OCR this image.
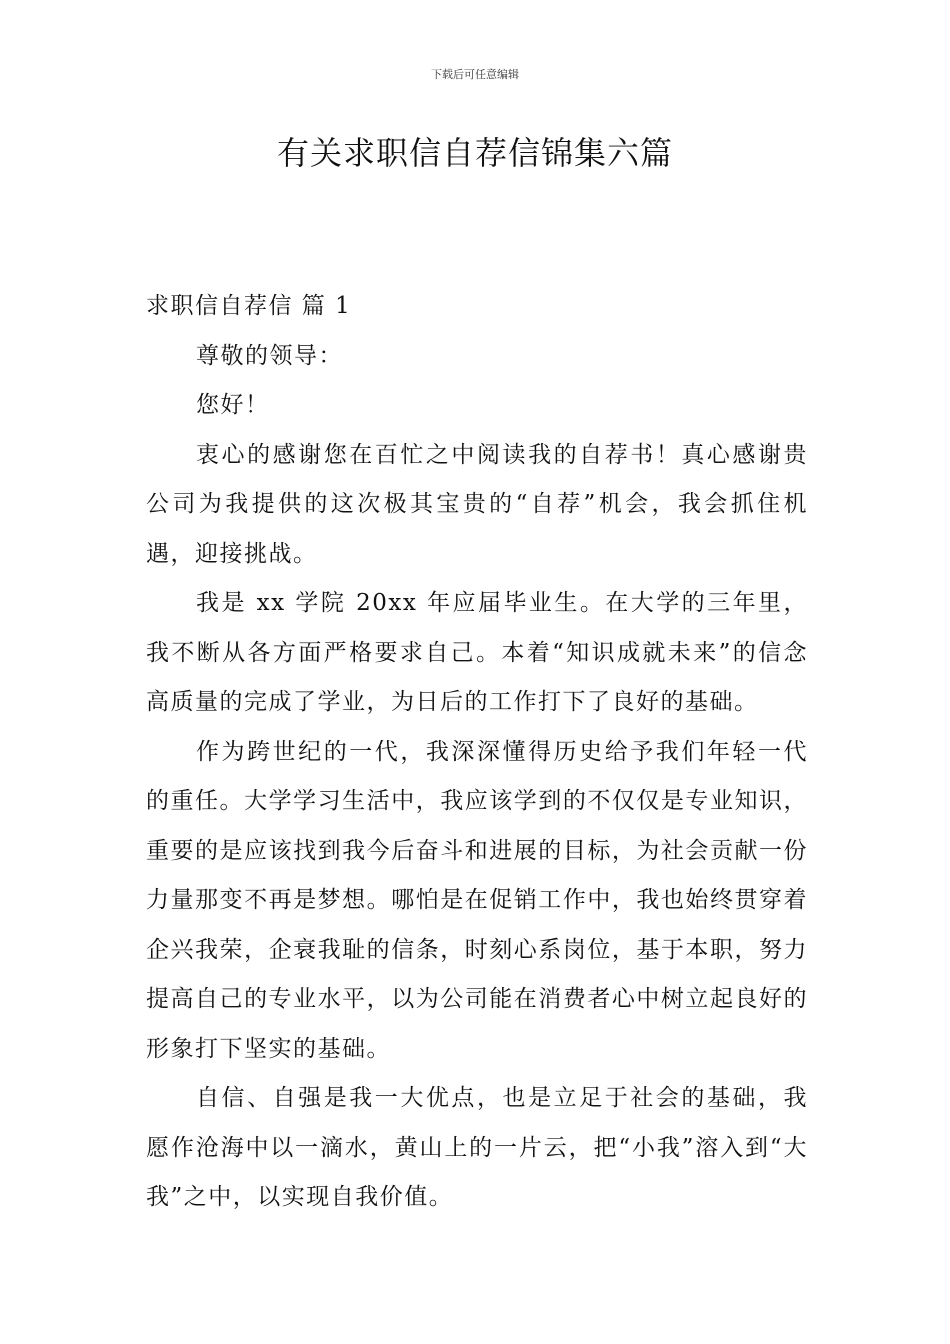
下载后可任意编辑
有关求职信自荐信锦集六篇

求职信自荐信 篇 1

尊敬的领导：

您好！

衷心的感谢您在百忙之中阅读我的自荐书！真心感谢贵公司为我提供的这次极其宝贵的“自荐”机会，我会抓住机遇，迎接挑战。

我是 xx 学院 20xx 年应届毕业生。在大学的三年里，我不断从各方面严格要求自己。本着“知识成就未来”的信念高质量的完成了学业，为日后的工作打下了良好的基础。

作为跨世纪的一代，我深深懂得历史给予我们年轻一代的重任。大学学习生活中，我应该学到的不仅仅是专业知识，重要的是应该找到我今后奋斗和进展的目标，为社会贡献一份力量那变不再是梦想。哪怕是在促销工作中，我也始终贯穿着企兴我荣，企衰我耻的信条，时刻心系岗位，基于本职，努力提高自己的专业水平，以为公司能在消费者心中树立起良好的形象打下坚实的基础。

自信、自强是我一大优点，也是立足于社会的基础，我愿作沧海中以一滴水，黄山上的一片云，把“小我”溶入到“大我”之中，以实现自我价值。
